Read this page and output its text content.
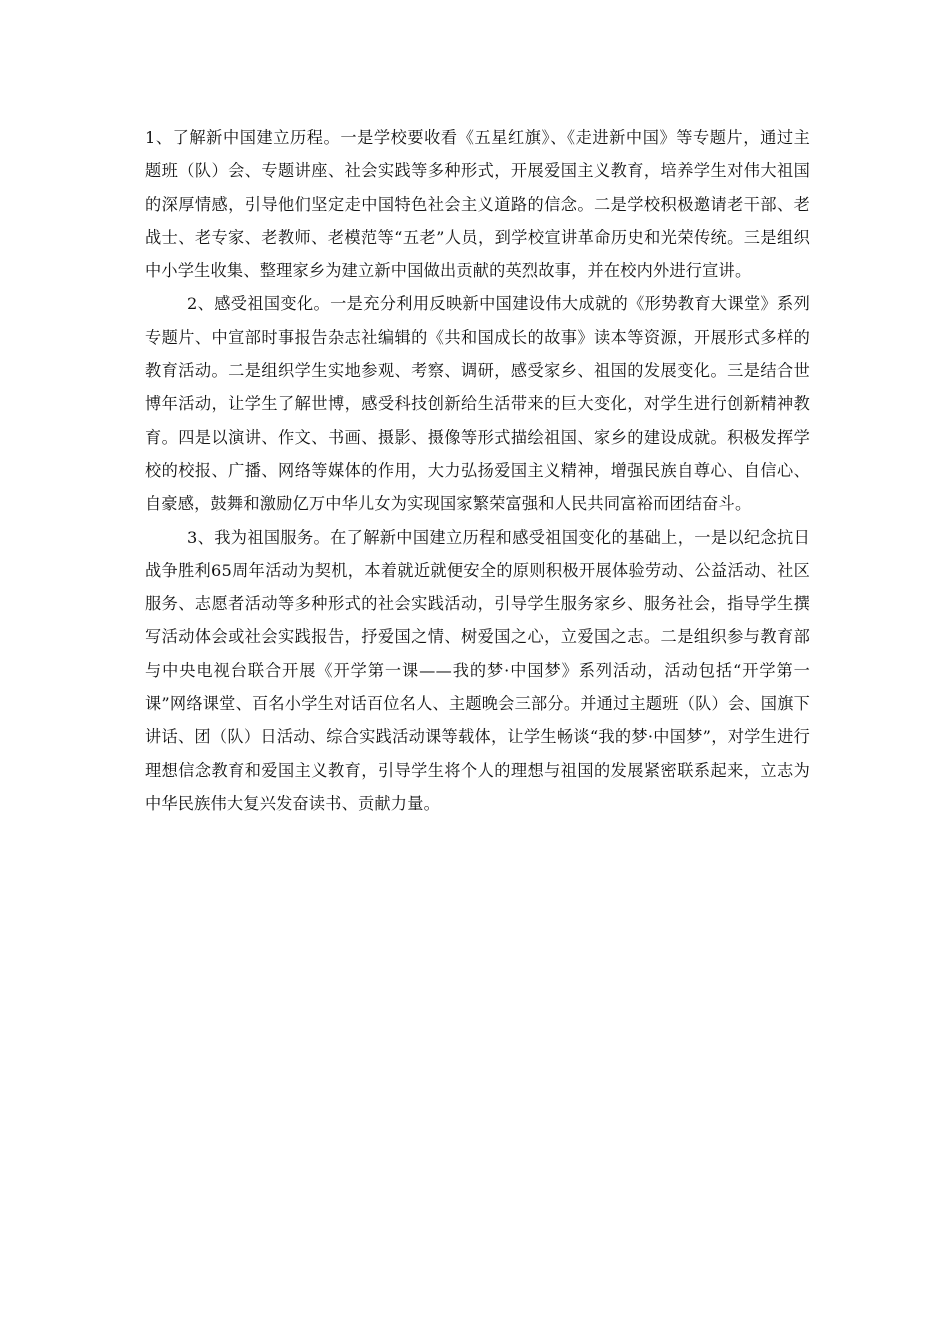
1、了解新中国建立历程。一是学校要收看《五星红旗》、《走进新中国》等专题片，通过主题班（队）会、专题讲座、社会实践等多种形式，开展爱国主义教育，培养学生对伟大祖国的深厚情感，引导他们坚定走中国特色社会主义道路的信念。二是学校积极邀请老干部、老战士、老专家、老教师、老模范等“五老”人员，到学校宣讲革命历史和光荣传统。三是组织中小学生收集、整理家乡为建立新中国做出贡献的英烈故事，并在校内外进行宣讲。

2、感受祖国变化。一是充分利用反映新中国建设伟大成就的《形势教育大课堂》系列专题片、中宣部时事报告杂志社编辑的《共和国成长的故事》读本等资源，开展形式多样的教育活动。二是组织学生实地参观、考察、调研，感受家乡、祖国的发展变化。三是结合世博年活动，让学生了解世博，感受科技创新给生活带来的巨大变化，对学生进行创新精神教育。四是以演讲、作文、书画、摄影、摄像等形式描绘祖国、家乡的建设成就。积极发挥学校的校报、广播、网络等媒体的作用，大力弘扬爱国主义精神，增强民族自尊心、自信心、自豪感，鼓舞和激励亿万中华儿女为实现国家繁荣富强和人民共同富裕而团结奋斗。

3、我为祖国服务。在了解新中国建立历程和感受祖国变化的基础上，一是以纪念抗日战争胜利65周年活动为契机，本着就近就便安全的原则积极开展体验劳动、公益活动、社区服务、志愿者活动等多种形式的社会实践活动，引导学生服务家乡、服务社会，指导学生撰写活动体会或社会实践报告，抒爱国之情、树爱国之心，立爱国之志。二是组织参与教育部与中央电视台联合开展《开学第一课——我的梦·中国梦》系列活动，活动包括“开学第一课”网络课堂、百名小学生对话百位名人、主题晚会三部分。并通过主题班（队）会、国旗下讲话、团（队）日活动、综合实践活动课等载体，让学生畅谈“我的梦·中国梦”，对学生进行理想信念教育和爱国主义教育，引导学生将个人的理想与祖国的发展紧密联系起来，立志为中华民族伟大复兴发奋读书、贡献力量。
